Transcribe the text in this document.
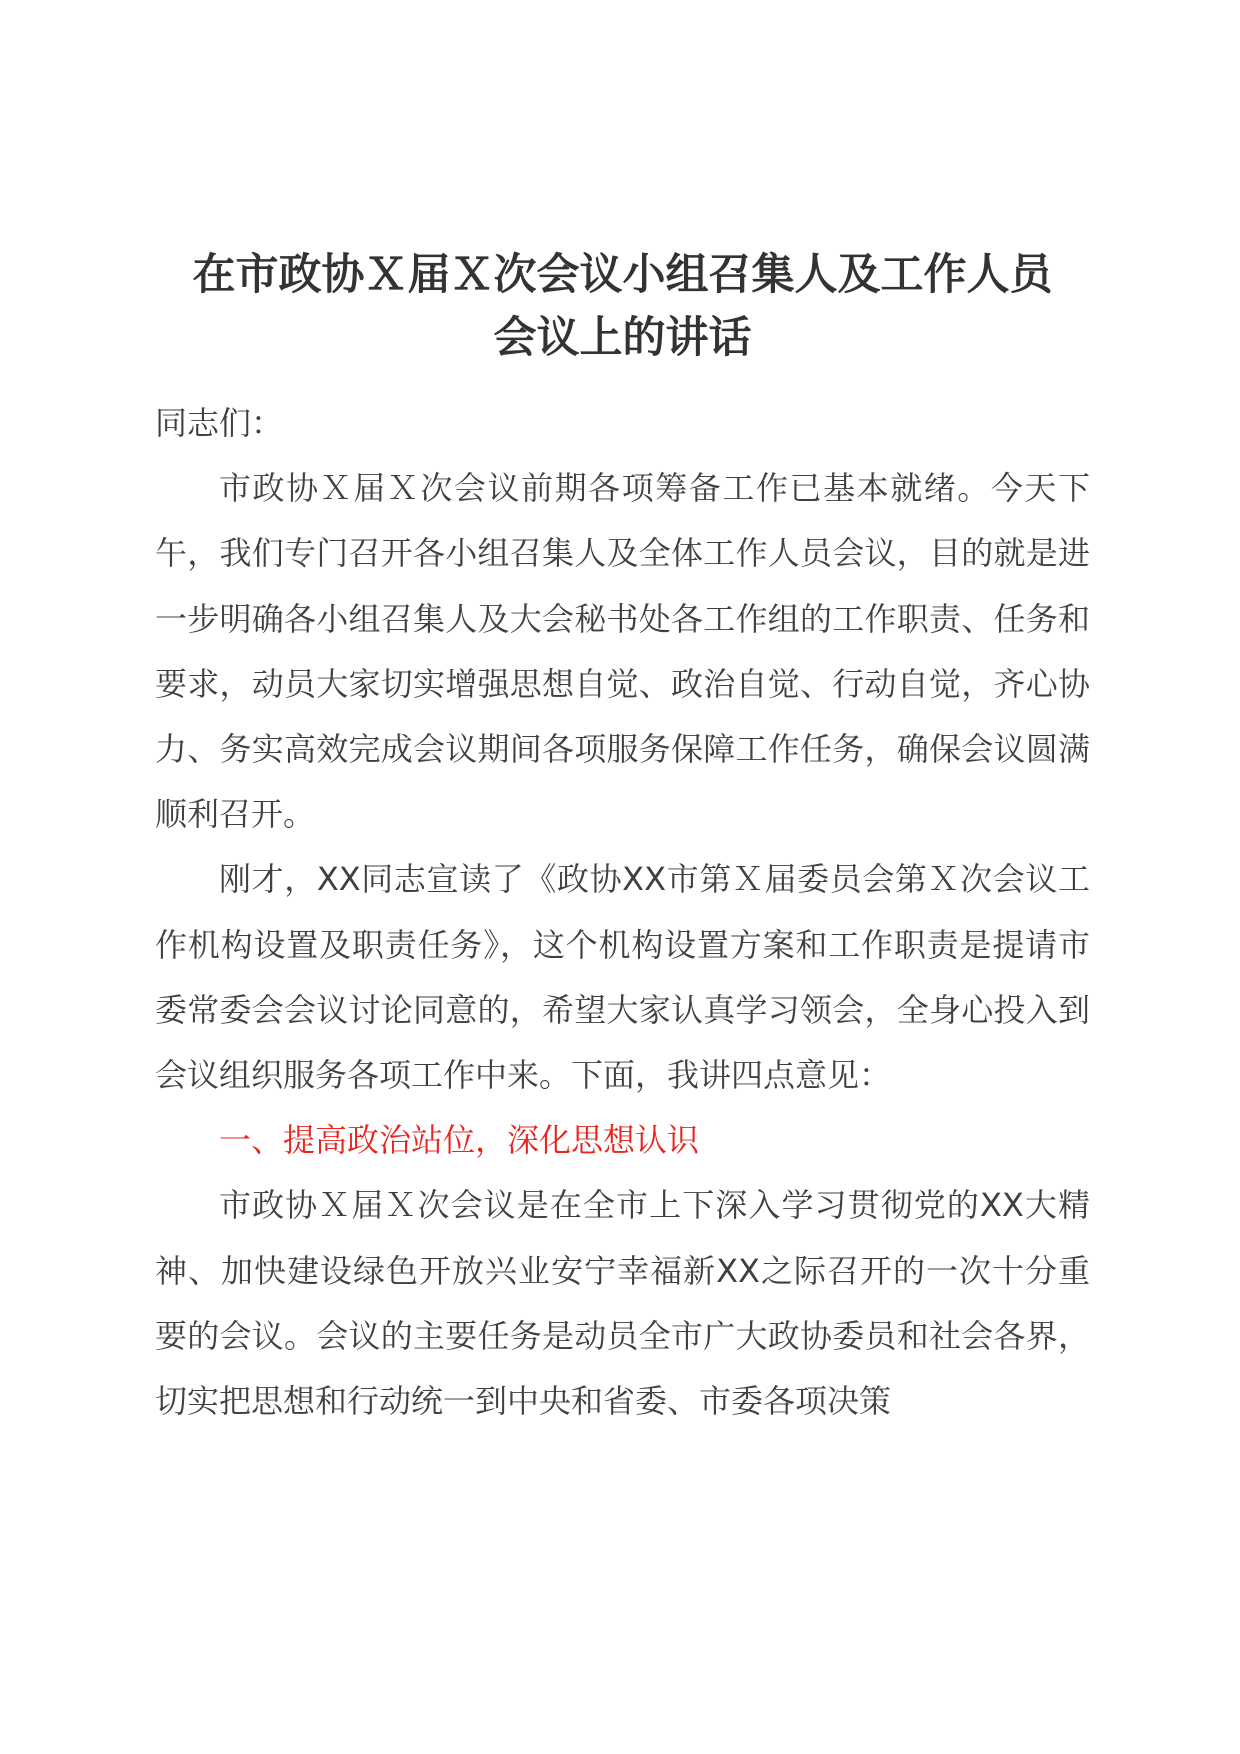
在市政协Ｘ届Ｘ次会议小组召集人及工作人员
会议上的讲话

同志们：

市政协Ｘ届Ｘ次会议前期各项筹备工作已基本就绪。今天下午，我们专门召开各小组召集人及全体工作人员会议，目的就是进一步明确各小组召集人及大会秘书处各工作组的工作职责、任务和要求，动员大家切实增强思想自觉、政治自觉、行动自觉，齐心协力、务实高效完成会议期间各项服务保障工作任务，确保会议圆满顺利召开。

刚才，XX同志宣读了《政协XX市第Ｘ届委员会第Ｘ次会议工作机构设置及职责任务》，这个机构设置方案和工作职责是提请市委常委会会议讨论同意的，希望大家认真学习领会，全身心投入到会议组织服务各项工作中来。下面，我讲四点意见：

一、提高政治站位，深化思想认识

市政协Ｘ届Ｘ次会议是在全市上下深入学习贯彻党的XX大精神、加快建设绿色开放兴业安宁幸福新XX之际召开的一次十分重要的会议。会议的主要任务是动员全市广大政协委员和社会各界，切实把思想和行动统一到中央和省委、市委各项决策
